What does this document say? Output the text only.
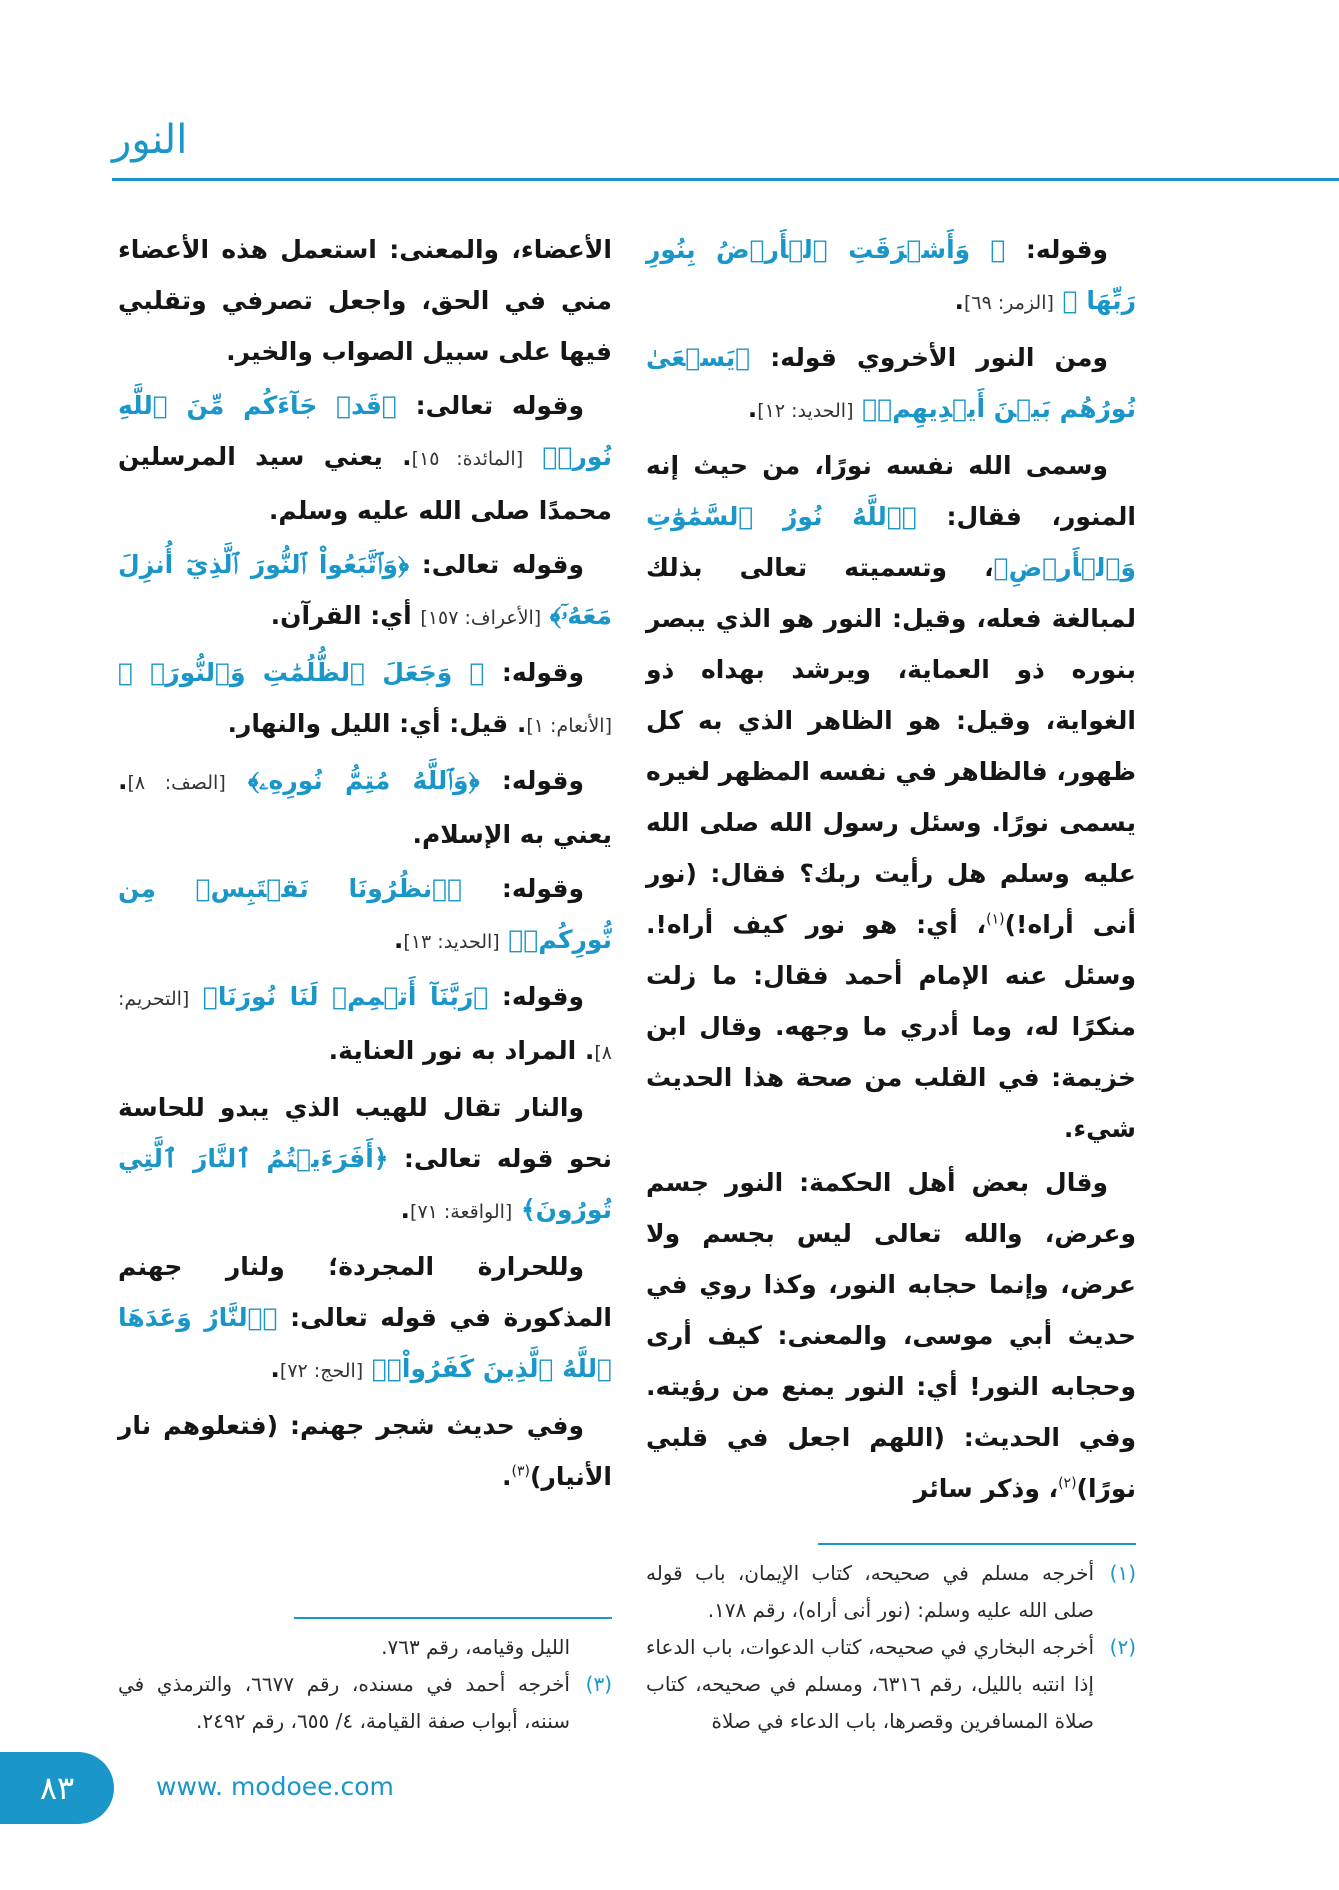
النور

وقوله: ﴿ وَأَشۡرَقَتِ ٱلۡأَرۡضُ بِنُورِ رَبِّهَا ﴾ [الزمر: ٦٩].

ومن النور الأخروي قوله: ﴿يَسۡعَىٰ نُورُهُم بَيۡنَ أَيۡدِيهِمۡ﴾ [الحديد: ١٢].

وسمى الله نفسه نورًا، من حيث إنه المنور، فقال: ﴿ٱللَّهُ نُورُ ٱلسَّمَٰوَٰتِ وَٱلۡأَرۡضِ﴾، وتسميته تعالى بذلك لمبالغة فعله، وقيل: النور هو الذي يبصر بنوره ذو العماية، ويرشد بهداه ذو الغواية، وقيل: هو الظاهر الذي به كل ظهور، فالظاهر في نفسه المظهر لغيره يسمى نورًا. وسئل رسول الله صلى الله عليه وسلم هل رأيت ربك؟ فقال: (نور أنى أراه!)$^{(١)}$، أي: هو نور كيف أراه!. وسئل عنه الإمام أحمد فقال: ما زلت منكرًا له، وما أدري ما وجهه. وقال ابن خزيمة: في القلب من صحة هذا الحديث شيء.

وقال بعض أهل الحكمة: النور جسم وعرض، والله تعالى ليس بجسم ولا عرض، وإنما حجابه النور، وكذا روي في حديث أبي موسى، والمعنى: كيف أرى وحجابه النور! أي: النور يمنع من رؤيته. وفي الحديث: (اللهم اجعل في قلبي نورًا)$^{(٢)}$، وذكر سائر

(١)
أخرجه مسلم في صحيحه، كتاب الإيمان، باب قوله صلى الله عليه وسلم: (نور أنى أراه)، رقم ١٧٨.
(٢)
أخرجه البخاري في صحيحه، كتاب الدعوات، باب الدعاء إذا انتبه بالليل، رقم ٦٣١٦، ومسلم في صحيحه، كتاب صلاة المسافرين وقصرها، باب الدعاء في صلاة

الأعضاء، والمعنى: استعمل هذه الأعضاء مني في الحق، واجعل تصرفي وتقلبي فيها على سبيل الصواب والخير.

وقوله تعالى: ﴿قَدۡ جَآءَكُم مِّنَ ٱللَّهِ نُورٞ﴾ [المائدة: ١٥]. يعني سيد المرسلين محمدًا صلى الله عليه وسلم.

وقوله تعالى: ﴿وَٱتَّبَعُواْ ٱلنُّورَ ٱلَّذِيٓ أُنزِلَ مَعَهُۥٓ﴾ [الأعراف: ١٥٧] أي: القرآن.

وقوله: ﴿ وَجَعَلَ ٱلظُّلُمَٰتِ وَٱلنُّورَۖ ﴾ [الأنعام: ١]. قيل: أي: الليل والنهار.

وقوله: ﴿وَٱللَّهُ مُتِمُّ نُورِهِۦ﴾ [الصف: ٨]. يعني به الإسلام.

وقوله: ﴿ٱنظُرُونَا نَقۡتَبِسۡ مِن نُّورِكُمۡ﴾ [الحديد: ١٣].

وقوله: ﴿رَبَّنَآ أَتۡمِمۡ لَنَا نُورَنَا﴾ [التحريم: ٨]. المراد به نور العناية.

والنار تقال للهيب الذي يبدو للحاسة نحو قوله تعالى: ﴿أَفَرَءَيۡتُمُ ٱلنَّارَ ٱلَّتِي تُورُونَ﴾ [الواقعة: ٧١].

وللحرارة المجردة؛ ولنار جهنم المذكورة في قوله تعالى: ﴿ٱلنَّارُ وَعَدَهَا ٱللَّهُ ٱلَّذِينَ كَفَرُواْۖ﴾ [الحج: ٧٢].

وفي حديث شجر جهنم: (فتعلوهم نار الأنيار)$^{(٣)}$.

الليل وقيامه، رقم ٧٦٣.
(٣)
أخرجه أحمد في مسنده، رقم ٦٦٧٧، والترمذي في سننه، أبواب صفة القيامة، ٤/ ٦٥٥، رقم ٢٤٩٢.
٨٣	www. modoee.com
